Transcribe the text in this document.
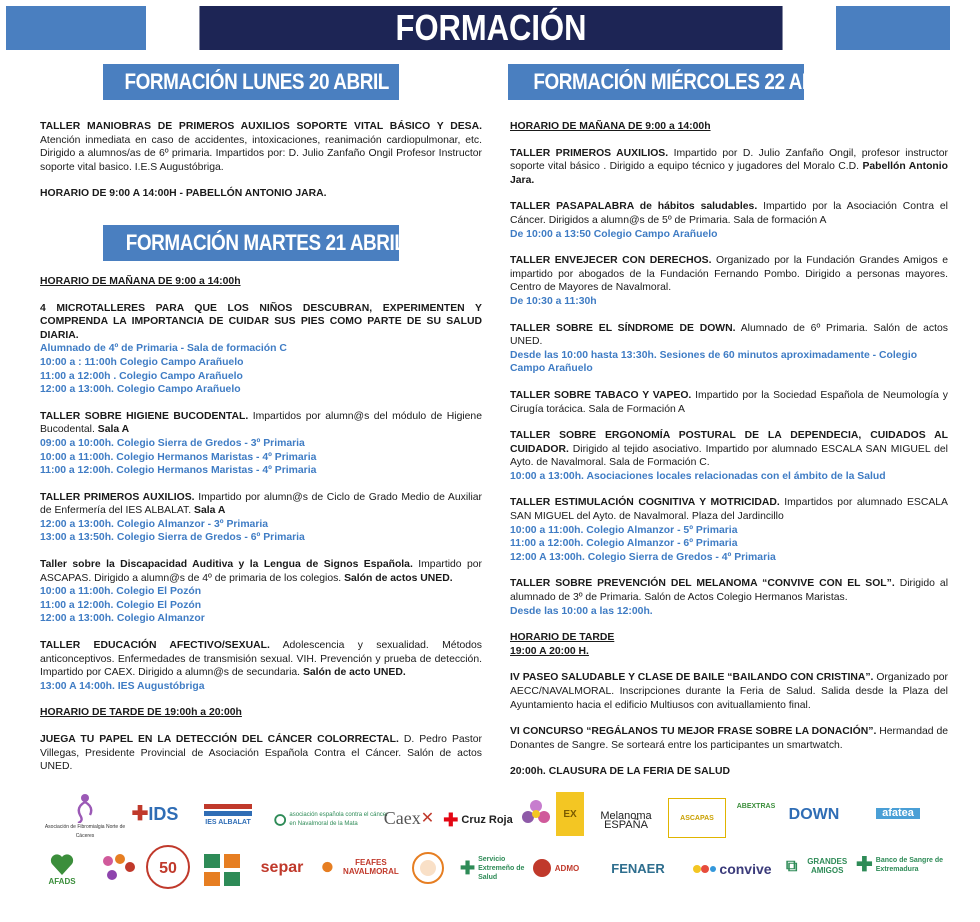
FORMACIÓN
FORMACIÓN LUNES 20 ABRIL
FORMACIÓN MARTES 21 ABRIL
FORMACIÓN MIÉRCOLES 22 ABRIL
TALLER MANIOBRAS DE PRIMEROS AUXILIOS SOPORTE VITAL BÁSICO Y DESA. Atención inmediata en caso de accidentes, intoxicaciones, reanimación cardiopulmonar, etc. Dirigido a alumnos/as de 6º primaria. Impartidos por: D. Julio Zanfaño Ongil Profesor Instructor soporte vital basico. I.E.S Augustóbriga.
HORARIO DE 9:00 A 14:00H - PABELLÓN ANTONIO JARA.
HORARIO DE MAÑANA DE 9:00 a 14:00h
4 MICROTALLERES PARA QUE LOS NIÑOS DESCUBRAN, EXPERIMENTEN Y COMPRENDA LA IMPORTANCIA DE CUIDAR SUS PIES COMO PARTE DE SU SALUD DIARIA.
Alumnado de 4º de Primaria - Sala de formación C
10:00 a : 11:00h Colegio Campo Arañuelo
11:00 a 12:00h . Colegio Campo Arañuelo
12:00 a 13:00h. Colegio Campo Arañuelo
TALLER SOBRE HIGIENE BUCODENTAL. Impartidos por alumn@s del módulo de Higiene Bucodental. Sala A
09:00 a 10:00h. Colegio Sierra de Gredos - 3º Primaria
10:00 a 11:00h. Colegio Hermanos Maristas - 4º Primaria
11:00 a 12:00h. Colegio Hermanos Maristas - 4º Primaria
TALLER PRIMEROS AUXILIOS. Impartido por alumn@s de Ciclo de Grado Medio de Auxiliar de Enfermería del IES ALBALAT. Sala A
12:00 a 13:00h. Colegio Almanzor - 3º Primaria
13:00 a 13:50h. Colegio Sierra de Gredos - 6º Primaria
Taller sobre la Discapacidad Auditiva y la Lengua de Signos Española. Impartido por ASCAPAS. Dirigido a alumn@s de 4º de primaria de los colegios. Salón de actos UNED.
10:00 a 11:00h. Colegio El Pozón
11:00 a 12:00h. Colegio El Pozón
12:00 a 13:00h. Colegio Almanzor
TALLER EDUCACIÓN AFECTIVO/SEXUAL. Adolescencia y sexualidad. Métodos anticonceptivos. Enfermedades de transmisión sexual. VIH. Prevención y prueba de detección. Impartido por CAEX. Dirigido a alumn@s de secundaria. Salón de acto UNED.
13:00 A 14:00h. IES Augustóbriga
HORARIO DE TARDE DE 19:00h a 20:00h
JUEGA TU PAPEL EN LA DETECCIÓN DEL CÁNCER COLORRECTAL. D. Pedro Pastor Villegas, Presidente Provincial de Asociación Española Contra el Cáncer. Salón de actos UNED.
HORARIO DE MAÑANA DE 9:00 a 14:00h
TALLER PRIMEROS AUXILIOS. Impartido por D. Julio Zanfaño Ongil, profesor instructor soporte vital básico . Dirigido a equipo técnico y jugadores del Moralo C.D. Pabellón Antonio Jara.
TALLER PASAPALABRA de hábitos saludables. Impartido por la Asociación Contra el Cáncer. Dirigidos a alumn@s de 5º de Primaria. Sala de formación A
De 10:00 a 13:50 Colegio Campo Arañuelo
TALLER ENVEJECER CON DERECHOS. Organizado por la Fundación Grandes Amigos e impartido por abogados de la Fundación Fernando Pombo. Dirigido a personas mayores. Centro de Mayores de Navalmoral.
De 10:30 a 11:30h
TALLER SOBRE EL SÍNDROME DE DOWN. Alumnado de 6º Primaria. Salón de actos UNED.
Desde las 10:00 hasta 13:30h. Sesiones de 60 minutos aproximadamente - Colegio Campo Arañuelo
TALLER SOBRE TABACO Y VAPEO. Impartido por la Sociedad Española de Neumología y Cirugía torácica. Sala de Formación A
TALLER SOBRE ERGONOMÍA POSTURAL DE LA DEPENDECIA, CUIDADOS AL CUIDADOR. Dirigido al tejido asociativo. Impartido por alumnado ESCALA SAN MIGUEL del Ayto. de Navalmoral. Sala de Formación C.
10:00 a 13:00h. Asociaciones locales relacionadas con el ámbito de la Salud
TALLER ESTIMULACIÓN COGNITIVA Y MOTRICIDAD. Impartidos por alumnado ESCALA SAN MIGUEL del Ayto. de Navalmoral. Plaza del Jardincillo
10:00 a 11:00h. Colegio Almanzor - 5º Primaria
11:00 a 12:00h. Colegio Almanzor - 6º Primaria
12:00 A 13:00h. Colegio Sierra de Gredos - 4º Primaria
TALLER SOBRE PREVENCIÓN DEL MELANOMA “CONVIVE CON EL SOL”. Dirigido al alumnado de 3º de Primaria. Salón de Actos Colegio Hermanos Maristas.
Desde las 10:00 a las 12:00h.
HORARIO DE TARDE
19:00 A 20:00 H.
IV PASEO SALUDABLE Y CLASE DE BAILE “BAILANDO CON CRISTINA”. Organizado por AECC/NAVALMORAL. Inscripciones durante la Feria de Salud. Salida desde la Plaza del Ayuntamiento hacia el edificio Multiusos con avituallamiento final.
VI CONCURSO “REGÁLANOS TU MEJOR FRASE SOBRE LA DONACIÓN”. Hermandad de Donantes de Sangre. Se sorteará entre los participantes un smartwatch.
20:00h. CLAUSURA DE LA FERIA DE SALUD
Asociación de Fibromialgia Norte de Cáceres
✚ IDS	IES ALBALAT
asociación española contra el cáncer en Navalmoral de la Mata	Caex ✕ ✚ Cruz Roja	EX	Melanoma ESPAÑA
ASCAPAS
ABEXTRAS DOWN	afatea
AFADS
50	separ	FEAFES NAVALMORAL	✚ Servicio Extremeño de Salud
ADMO FENAER	convive ⧉	GRANDES AMIGOS ✚ Banco de Sangre de Extremadura
